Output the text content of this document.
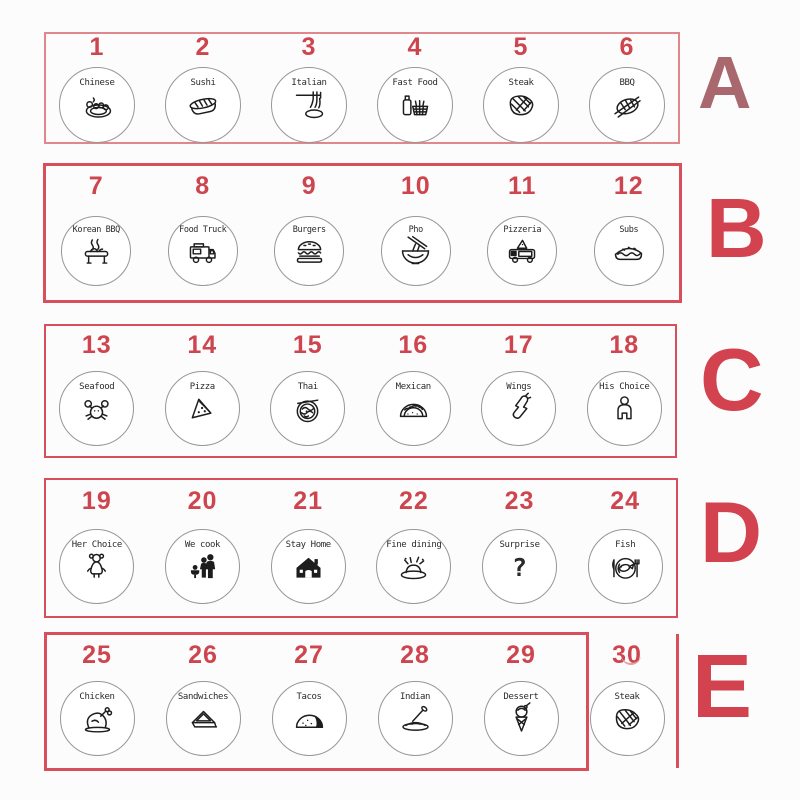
1
Chinese
2
Sushi
3
Italian
4
Fast Food
5
Steak
6
BBQ A
7
Korean BBQ
8
Food Truck
9
Burgers
10
Pho
11
Pizzeria
12
Subs B
13
Seafood
14
Pizza
15
Thai
16
Mexican
17
Wings
18
His Choice C
19
Her Choice
20
We cook
21
Stay Home
22
Fine dining
23
Surprise
?
24
Fish D
25
Chicken
26
Sandwiches
27
Tacos
28
Indian
29
Dessert
30
Steak E
